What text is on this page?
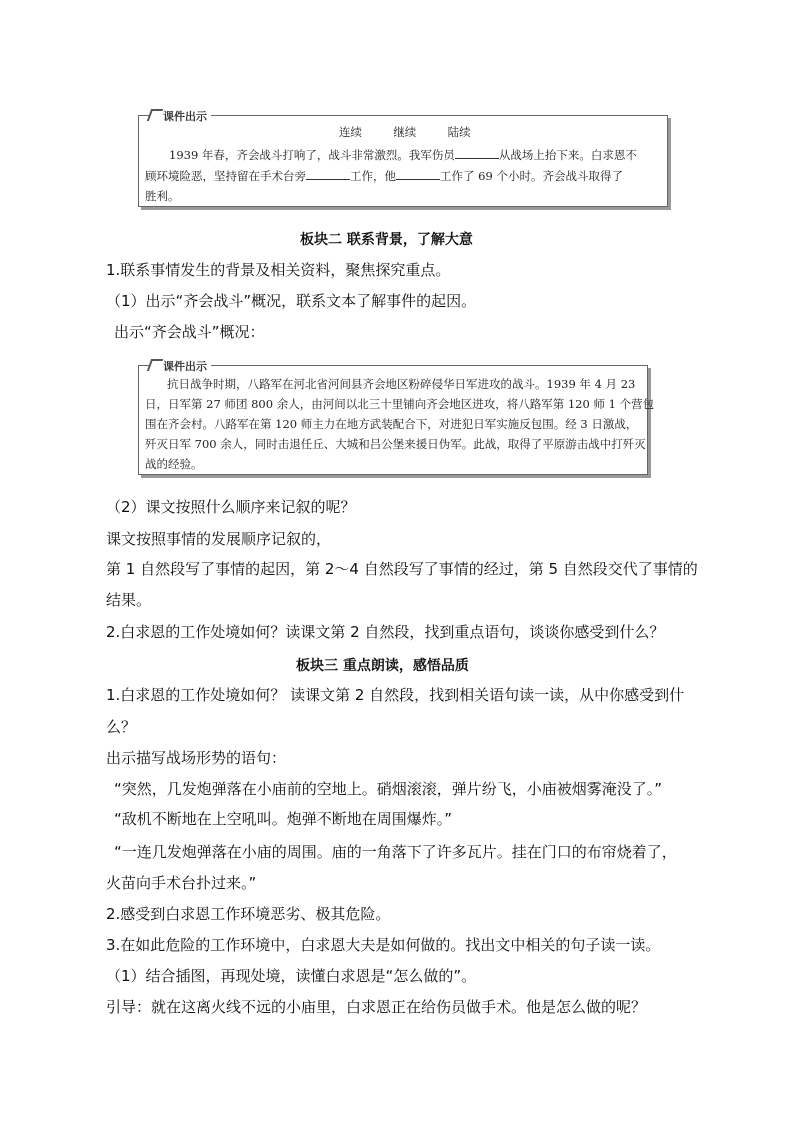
课件出示
连续	继续	陆续
1939 年春，齐会战斗打响了，战斗非常激烈。我军伤员	从战场上抬下来。白求恩不
顾环境险恶，坚持留在手术台旁	工作，他	工作了 69 个小时。齐会战斗取得了
胜利。
板块二 联系背景，了解大意
1.联系事情发生的背景及相关资料，聚焦探究重点。
（1）出示“齐会战斗”概况，联系文本了解事件的起因。
出示“齐会战斗”概况：
课件出示
抗日战争时期，八路军在河北省河间县齐会地区粉碎侵华日军进攻的战斗。1939 年 4 月 23
日，日军第 27 师团 800 余人，由河间以北三十里铺向齐会地区进攻，将八路军第 120 师 1 个营包
围在齐会村。八路军在第 120 师主力在地方武装配合下，对进犯日军实施反包围。经 3 日激战，
歼灭日军 700 余人，同时击退任丘、大城和吕公堡来援日伪军。此战，取得了平原游击战中打歼灭
战的经验。
（2）课文按照什么顺序来记叙的呢？
课文按照事情的发展顺序记叙的，
第 1 自然段写了事情的起因，第 2～4 自然段写了事情的经过，第 5 自然段交代了事情的
结果。
2.白求恩的工作处境如何？读课文第 2 自然段，找到重点语句，谈谈你感受到什么？
板块三 重点朗读，感悟品质
1.白求恩的工作处境如何？ 读课文第 2 自然段，找到相关语句读一读，从中你感受到什
么？
出示描写战场形势的语句：
“突然，几发炮弹落在小庙前的空地上。硝烟滚滚，弹片纷飞，小庙被烟雾淹没了。”
“敌机不断地在上空吼叫。炮弹不断地在周围爆炸。”
“一连几发炮弹落在小庙的周围。庙的一角落下了许多瓦片。挂在门口的布帘烧着了，
火苗向手术台扑过来。”
2.感受到白求恩工作环境恶劣、极其危险。
3.在如此危险的工作环境中，白求恩大夫是如何做的。找出文中相关的句子读一读。
（1）结合插图，再现处境，读懂白求恩是“怎么做的”。
引导：就在这离火线不远的小庙里，白求恩正在给伤员做手术。他是怎么做的呢？
